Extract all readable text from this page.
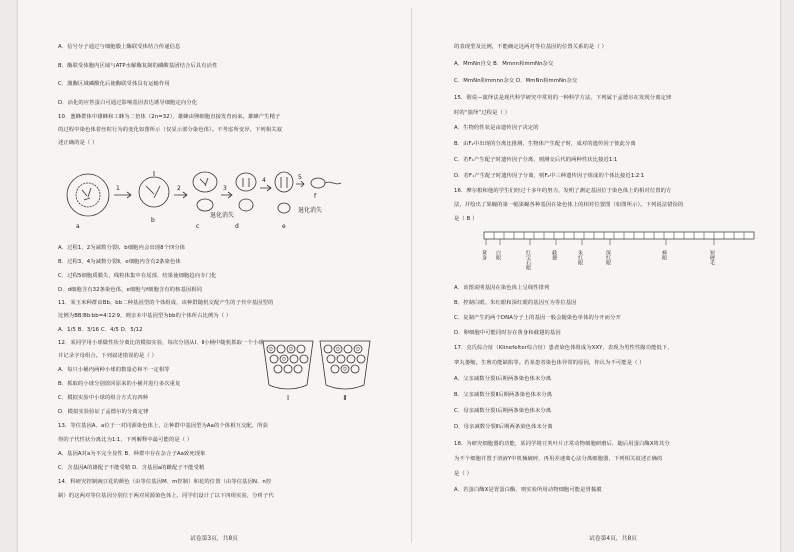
A．信号分子通过与细胞膜上酶联受体结合传递信息
B．酶联受体胞内区域与ATP水解酶复制的磷酸基团结合后具有活性
C．激酶区域磷酸化后使酶联受体具有运输作用
D．活化的应答蛋白可通过影响基因表达诱导细胞定向分化
10．蜜蜂群体中雄蜂和工蜂为二倍体（2n=32），雄蜂由卵细胞直接发育而来。雄蜂产生精子
的过程中染色体着丝粒行为的变化如图所示（仅显示部分染色体）。不考虑所变异，下列相关叙
述正确的是（ ）
a
1
b
2
c
3
d
4
e
5
f
退化消失
退化消失
A．过程1、2为减数分裂Ⅰ，b细胞内会出现8个四分体
B．过程3、4为减数分裂Ⅱ，e细胞内含有2条染色体
C．过程5细胞质膜失，线粒体集中在尾部，结果使细胞趋向专门化
D．d细胞含有32条染色体，e细胞与f细胞含有的核基因相同
11．某玉米种群由Bb、bb二种基因型的个体组成，该种群随机交配产生的子代中基因型的
比例为BB∶Bb∶bb=4∶12∶9，则亲本中基因型为bb的个体所占比例为（ ）
A．1/5 B．3/16 C．4/5 D．5/12
12．某同学用小球做性状分离比的模拟实验，每次分别从Ⅰ、Ⅱ小桶中随机抓取一个小球
并记录字母组合。下列叙述错误的是（ ）
A．每只小桶内两种小球的数量必和不一定相等
B．抓取的小球分别放回原来的小桶并进行多次重复
C．模拟实验中小球的组合方式有四种
D．模拟实验验证了孟德尔的分离定律
D	D
D
D	D
D
Ⅰ	Ⅱ
13．等位基因A、a位于一对同源染色体上，让种群中基因型为Aa的个体相互交配，所获
得的子代性状分离比为1∶1，下列解释中最可能的是（ ）
A．基因A对a为不完全显性 B．种群中存在杂合子Aa致死现象
C．含基因A的雄配子不能受精 D．含基因a的雌配子不能受精
14．科研究控制豌豆花的颜色（由等位基因M、m控制）和花的位置（由等位基因N、n控
制）的这两对等位基因分别位于两对同源染色体上，同学们设计了以下四组实验，分析子代
试卷第3页，共8页
的表现型及比例，不能确定这两对等位基因的位置关系的是（ ）
A．MmNn自交 B．Mmnn和mmNn杂交
C．MmNn和mmnn杂交 D．MmNn和mmNn杂交
15．假说—演绎法是现代科学研究中常用的一种科学方法，下列属于孟德尔在发现分离定律
时的“演绎”过程是（ ）
A．生物的性状是由遗传因子决定的
B．由F₂中出现的分离比推测，生物体产生配子时，成对的遗传因子彼此分离
C．若F₁产生配子时遗传因子分离，则测交后代的两种性状比接近1∶1
D．若F₁产生配子时遗传因子分离，则F₂中三种遗传因子组成的个体比接近1∶2∶1
16．摩尔根和他的学生们经过十多年的努力，发明了测定基因位于染色体上的相对位置的方
法，并绘出了果蝇的第一幅果蝇各种基因在染色体上的相对位置图（如图所示）。下列说法错误的
是（ B ）
黄身 白眼	红宝石眼	截翅	朱红眼	深红眼	棒眼	短硬毛
A．该图说明基因在染色体上呈线性排列
B．控制白眼、朱红眼和深红眼的基因互为等位基因
C．复制产生的两个DNA分子上的基因一般会随染色单体的分开而分开
D．卵细胞中可能同时存在黄身和截翅的基因
17．克氏综合征（Klinefelter综合征）患者染色体组成为XXY，表现为男性性腺功能低下，
睾丸萎缩。生殖功能缺陷等。若某患者染色体异常的原因，你认为不可能是（ ）
A．父亲减数分裂Ⅰ后期两条染色体未分离
B．父亲减数分裂Ⅱ后期两条染色体未分离
C．母亲减数分裂Ⅰ后期两条染色体未分离
D．母亲减数分裂Ⅱ后期两条染色体未分离
18．为研究细胞器的功能，某同学将豆荚叶片正常动物细胞研磨后，随后用蛋白酶X将其分
为不个细胞并置于溶液Y中机械破碎，再用差速离心法分离细胞器，下列相关叙述正确的
是（ ）
A．若蛋白酶X是胃蛋白酶，则实验所用动物细胞可能是胃黏膜
试卷第4页，共8页
